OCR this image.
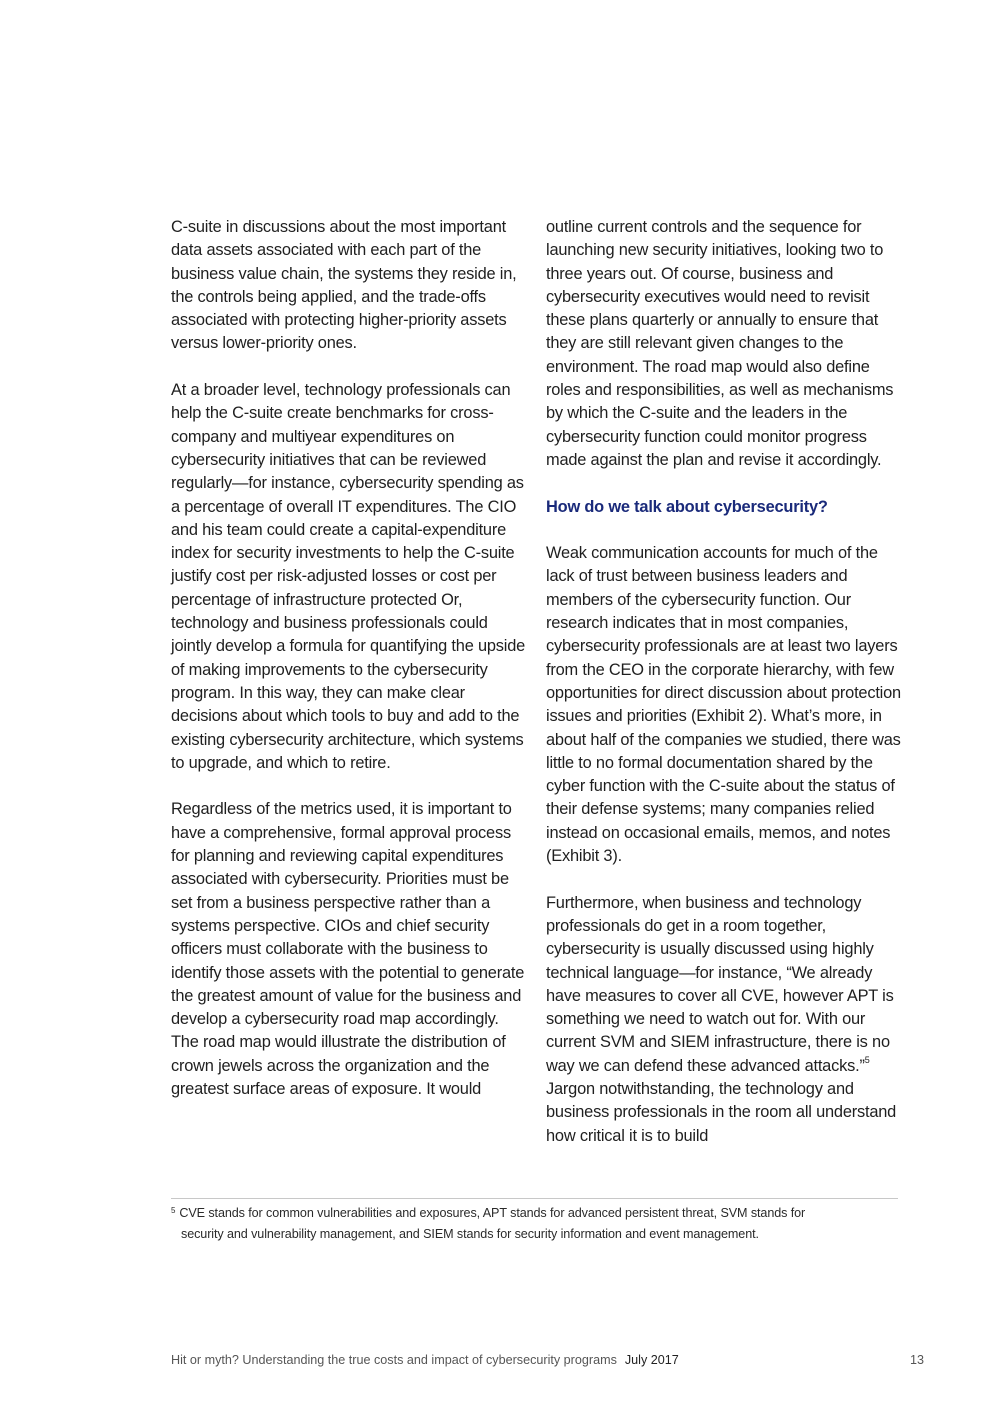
C-suite in discussions about the most important data assets associated with each part of the business value chain, the systems they reside in, the controls being applied, and the trade-offs associated with protecting higher-priority assets versus lower-priority ones.

At a broader level, technology professionals can help the C-suite create benchmarks for cross-company and multiyear expenditures on cybersecurity initiatives that can be reviewed regularly—for instance, cybersecurity spending as a percentage of overall IT expenditures. The CIO and his team could create a capital-expenditure index for security investments to help the C-suite justify cost per risk-adjusted losses or cost per percentage of infrastructure protected Or, technology and business professionals could jointly develop a formula for quantifying the upside of making improvements to the cybersecurity program. In this way, they can make clear decisions about which tools to buy and add to the existing cybersecurity architecture, which systems to upgrade, and which to retire.

Regardless of the metrics used, it is important to have a comprehensive, formal approval process for planning and reviewing capital expenditures associated with cybersecurity. Priorities must be set from a business perspective rather than a systems perspective. CIOs and chief security officers must collaborate with the business to identify those assets with the potential to generate the greatest amount of value for the business and develop a cybersecurity road map accordingly. The road map would illustrate the distribution of crown jewels across the organization and the greatest surface areas of exposure. It would

outline current controls and the sequence for launching new security initiatives, looking two to three years out. Of course, business and cybersecurity executives would need to revisit these plans quarterly or annually to ensure that they are still relevant given changes to the environment. The road map would also define roles and responsibilities, as well as mechanisms by which the C-suite and the leaders in the cybersecurity function could monitor progress made against the plan and revise it accordingly.

How do we talk about cybersecurity?

Weak communication accounts for much of the lack of trust between business leaders and members of the cybersecurity function. Our research indicates that in most companies, cybersecurity professionals are at least two layers from the CEO in the corporate hierarchy, with few opportunities for direct discussion about protection issues and priorities (Exhibit 2). What’s more, in about half of the companies we studied, there was little to no formal documentation shared by the cyber function with the C-suite about the status of their defense systems; many companies relied instead on occasional emails, memos, and notes (Exhibit 3).

Furthermore, when business and technology professionals do get in a room together, cybersecurity is usually discussed using highly technical language—for instance, “We already have measures to cover all CVE, however APT is something we need to watch out for. With our current SVM and SIEM infrastructure, there is no way we can defend these advanced attacks.”$^5$ Jargon notwithstanding, the technology and business professionals in the room all understand how critical it is to build

$^5$ CVE stands for common vulnerabilities and exposures, APT stands for advanced persistent threat, SVM stands for
security and vulnerability management, and SIEM stands for security information and event management.
Hit or myth? Understanding the true costs and impact of cybersecurity programs July 2017	13
